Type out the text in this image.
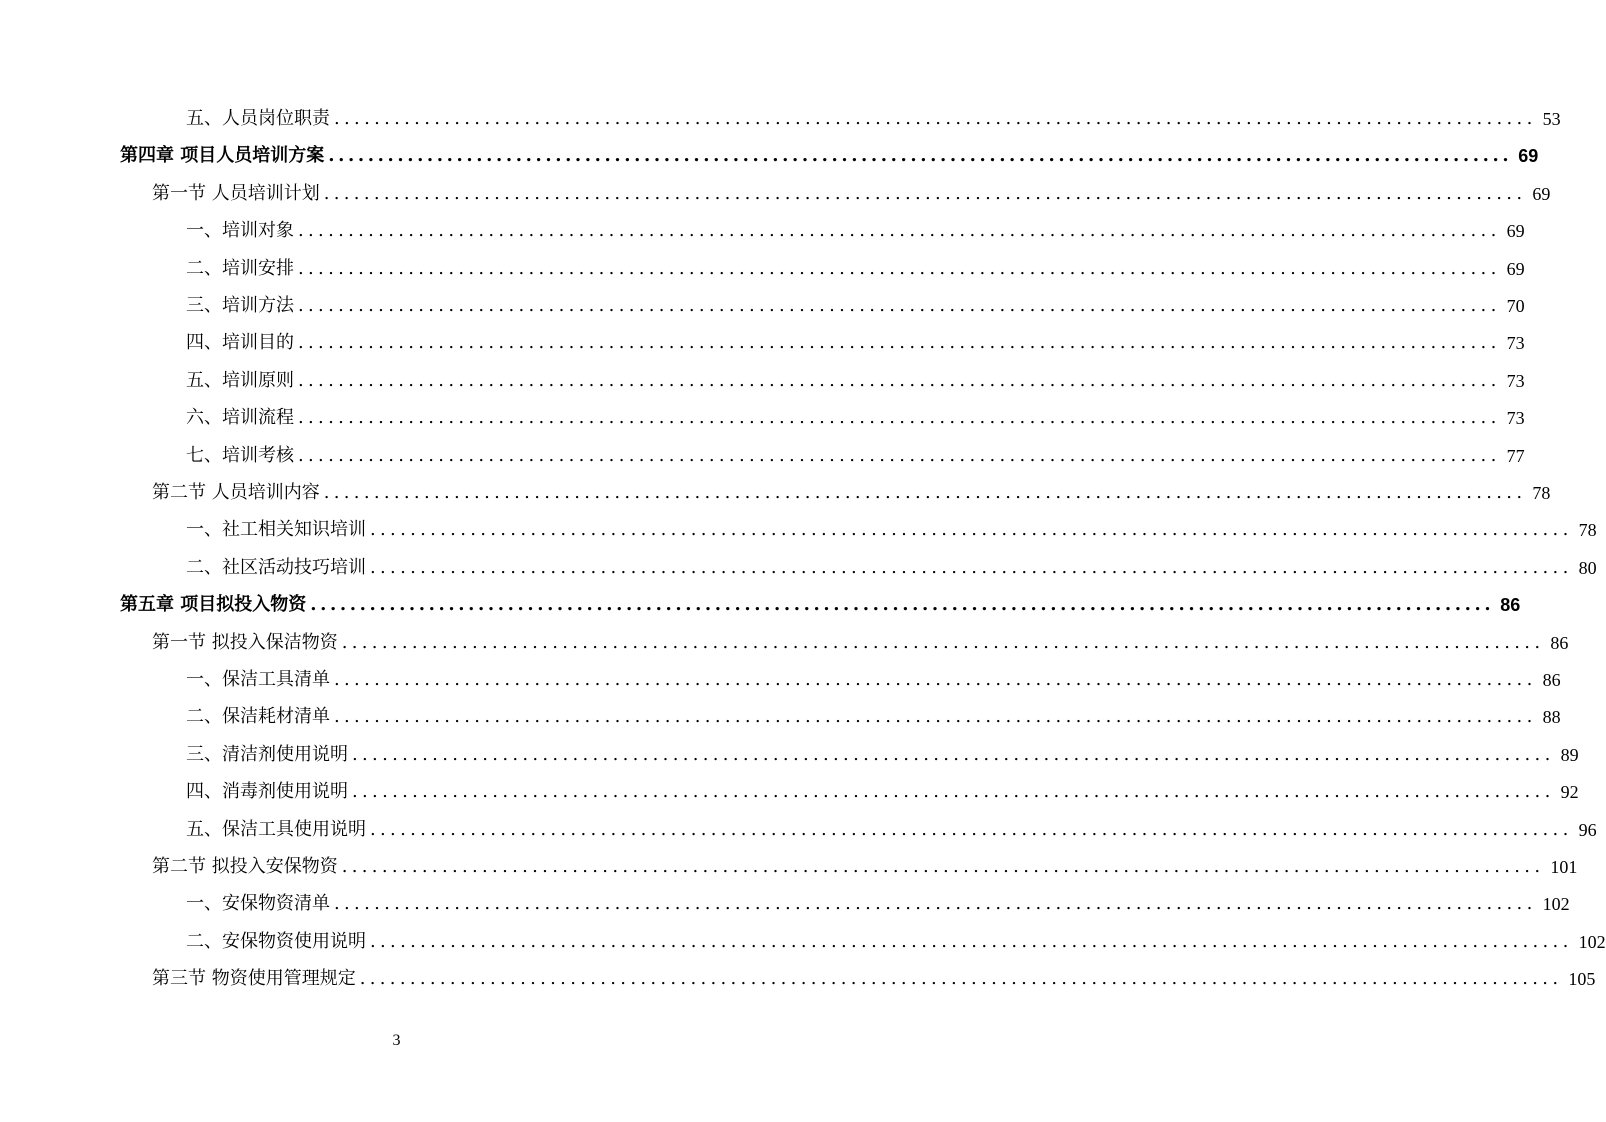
五、人员岗位职责 ........................................................................................................................ 53
第四章 项目人员培训方案 ........................................................................................................................ 69
第一节 人员培训计划 ........................................................................................................................ 69
一、培训对象 ........................................................................................................................ 69
二、培训安排 ........................................................................................................................ 69
三、培训方法 ........................................................................................................................ 70
四、培训目的 ........................................................................................................................ 73
五、培训原则 ........................................................................................................................ 73
六、培训流程 ........................................................................................................................ 73
七、培训考核 ........................................................................................................................ 77
第二节 人员培训内容 ........................................................................................................................ 78
一、社工相关知识培训 ........................................................................................................................ 78
二、社区活动技巧培训 ........................................................................................................................ 80
第五章 项目拟投入物资 ........................................................................................................................ 86
第一节 拟投入保洁物资 ........................................................................................................................ 86
一、保洁工具清单 ........................................................................................................................ 86
二、保洁耗材清单 ........................................................................................................................ 88
三、清洁剂使用说明 ........................................................................................................................ 89
四、消毒剂使用说明 ........................................................................................................................ 92
五、保洁工具使用说明 ........................................................................................................................ 96
第二节 拟投入安保物资 ........................................................................................................................ 101
一、安保物资清单 ........................................................................................................................ 102
二、安保物资使用说明 ........................................................................................................................ 102
第三节 物资使用管理规定 ........................................................................................................................ 105
3
